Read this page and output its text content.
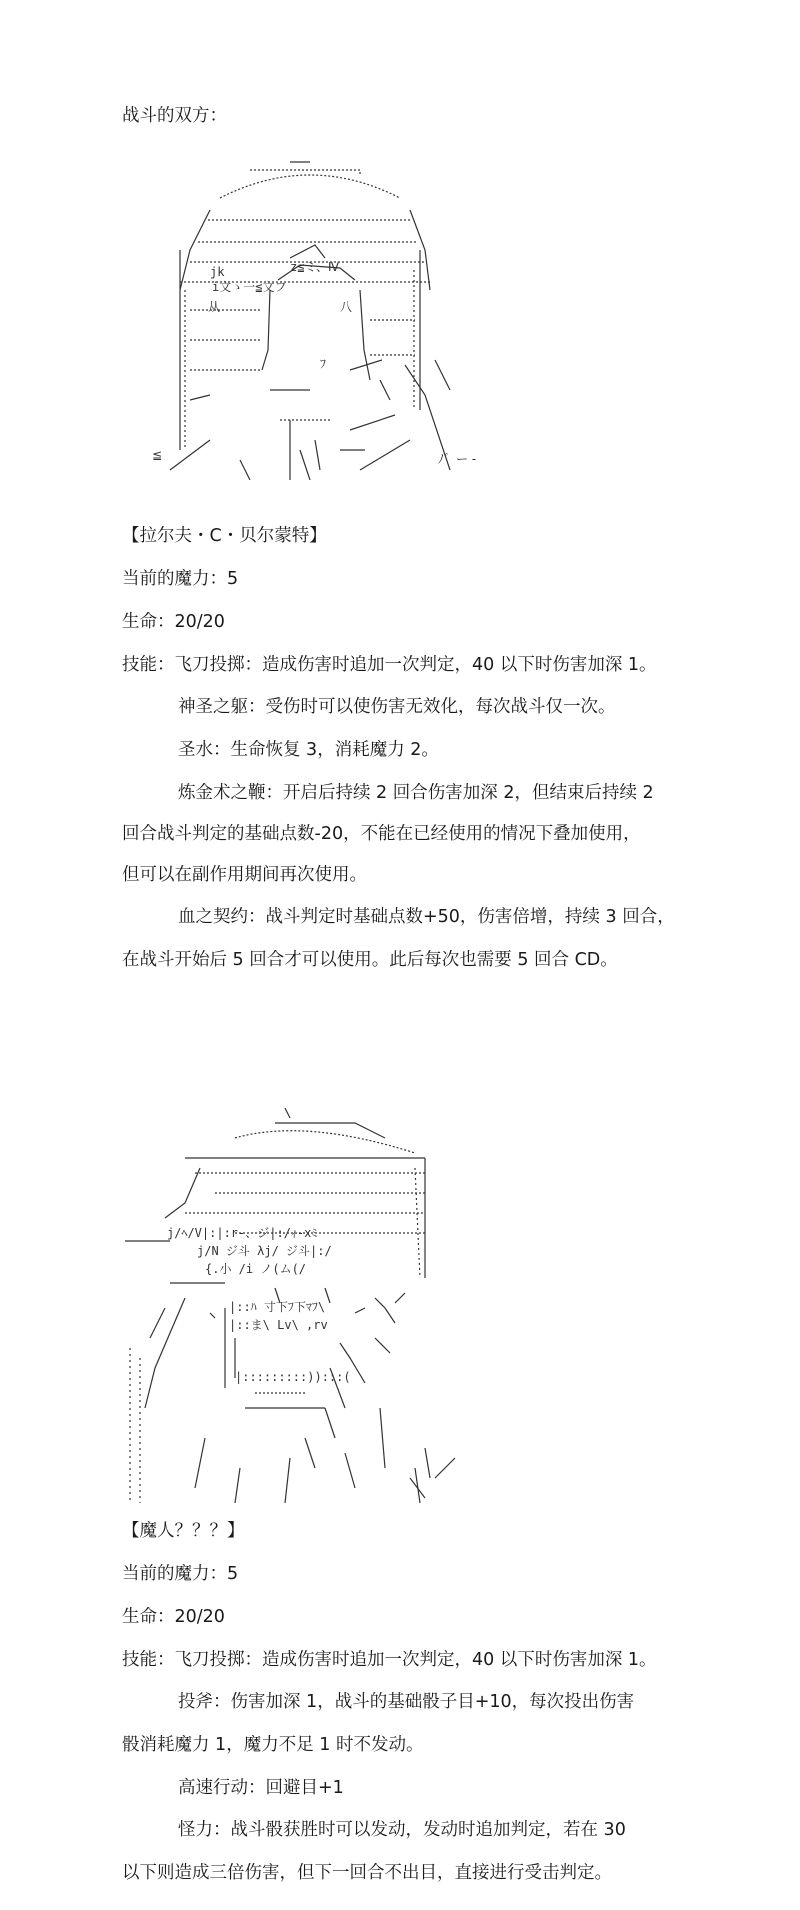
战斗的双方：
jk	z≦ミ、Ⅳ
i文ゝ一≦文フ
从	八
ﾌ
≦	ﾉ゛ー -
【拉尔夫・C・贝尔蒙特】
当前的魔力：5
生命：20/20
技能：飞刀投掷：造成伤害时追加一次判定，40 以下时伤害加深 1。
神圣之躯：受伤时可以使伤害无效化，每次战斗仅一次。
圣水：生命恢复 3，消耗魔力 2。
炼金术之鞭：开启后持续 2 回合伤害加深 2，但结束后持续 2
回合战斗判定的基础点数-20，不能在已经使用的情况下叠加使用，
但可以在副作用期间再次使用。
血之契约：战斗判定时基础点数+50，伤害倍增，持续 3 回合，
在战斗开始后 5 回合才可以使用。此后每次也需要 5 回合 CD。
j/ﾍ/V|:|:r-、ジ|:/ｨ-xﾐ
j/N ジ斗 λj/ ジ斗|:/
{.小 /i ノ(ム(/
|::ﾊ 寸下ﾌ下ﾏﾌ\
|::ま\ Lv\ ,rv
|:::::::::)):::(
【魔人？？？】
当前的魔力：5
生命：20/20
技能：飞刀投掷：造成伤害时追加一次判定，40 以下时伤害加深 1。
投斧：伤害加深 1，战斗的基础骰子目+10，每次投出伤害
骰消耗魔力 1，魔力不足 1 时不发动。
高速行动：回避目+1
怪力：战斗骰获胜时可以发动，发动时追加判定，若在 30
以下则造成三倍伤害，但下一回合不出目，直接进行受击判定。
